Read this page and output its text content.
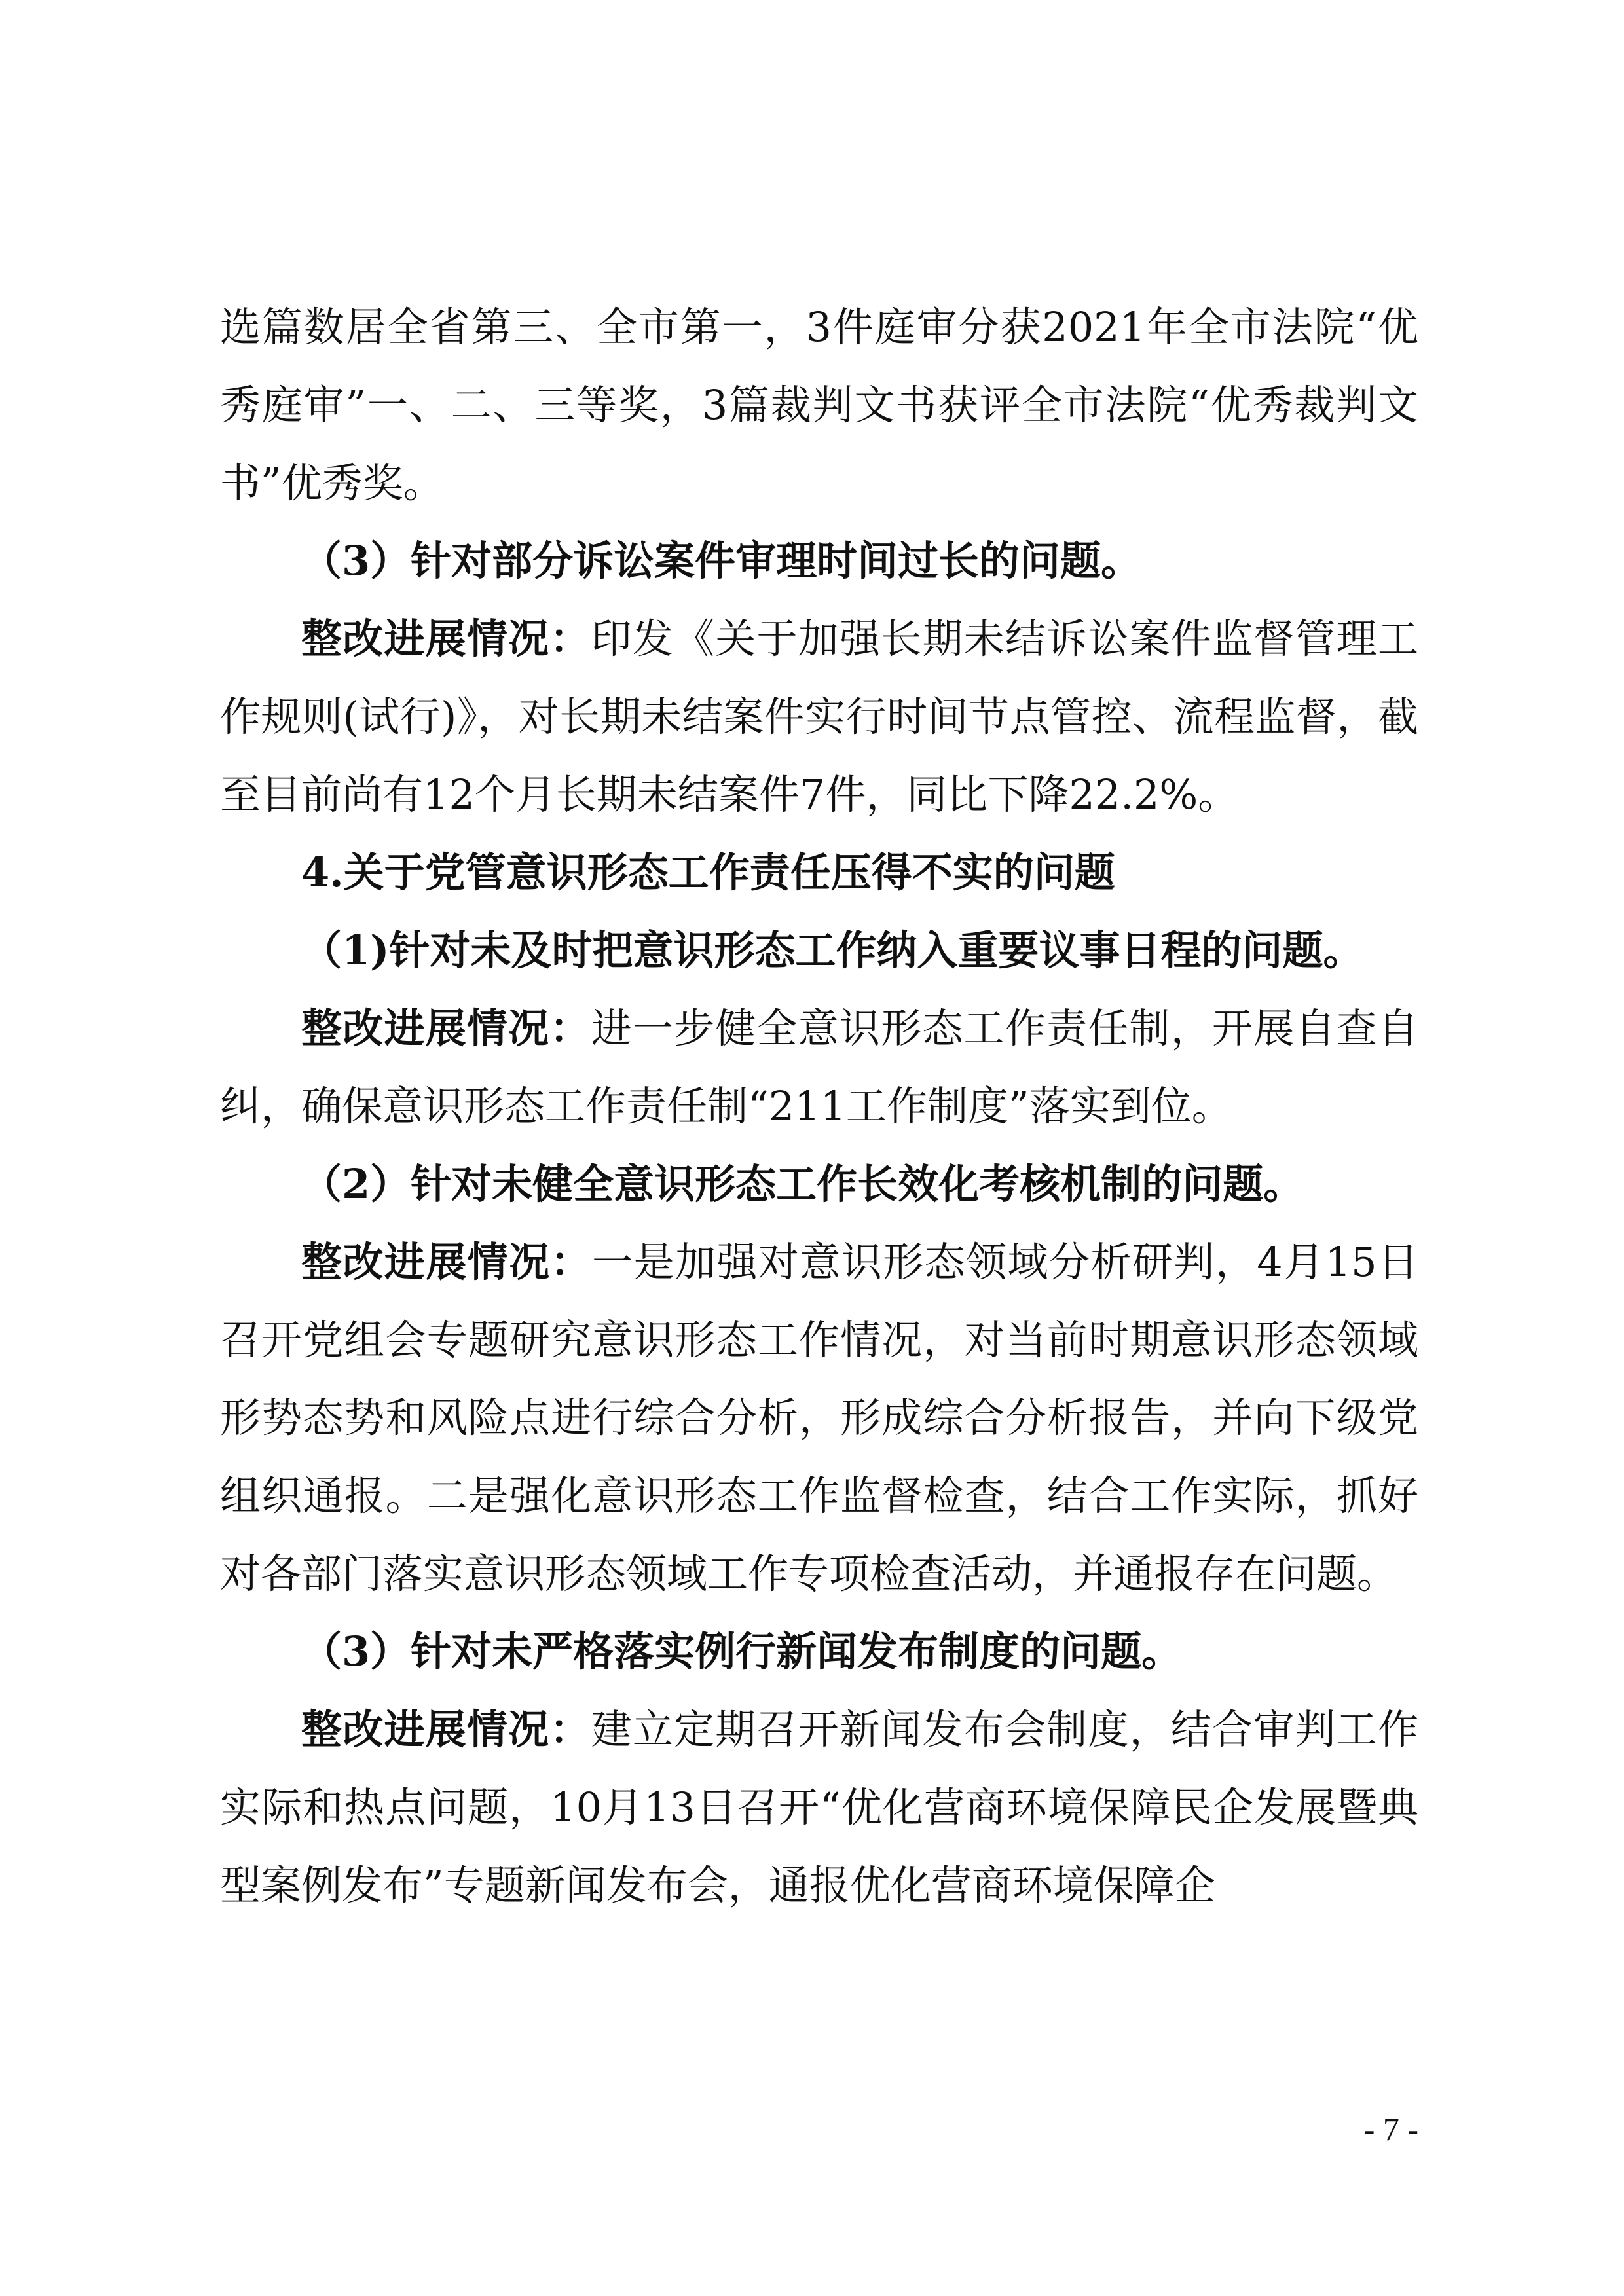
选篇数居全省第三、全市第一，3件庭审分获2021年全市法院“优秀庭审”一、二、三等奖，3篇裁判文书获评全市法院“优秀裁判文书”优秀奖。

（3）针对部分诉讼案件审理时间过长的问题。

整改进展情况：印发《关于加强长期未结诉讼案件监督管理工作规则(试行)》，对长期未结案件实行时间节点管控、流程监督，截至目前尚有12个月长期未结案件7件，同比下降22.2%。

4.关于党管意识形态工作责任压得不实的问题

（1)针对未及时把意识形态工作纳入重要议事日程的问题。

整改进展情况：进一步健全意识形态工作责任制，开展自查自纠，确保意识形态工作责任制“211工作制度”落实到位。

（2）针对未健全意识形态工作长效化考核机制的问题。

整改进展情况：一是加强对意识形态领域分析研判，4月15日召开党组会专题研究意识形态工作情况，对当前时期意识形态领域形势态势和风险点进行综合分析，形成综合分析报告，并向下级党组织通报。二是强化意识形态工作监督检查，结合工作实际，抓好对各部门落实意识形态领域工作专项检查活动，并通报存在问题。

（3）针对未严格落实例行新闻发布制度的问题。

整改进展情况：建立定期召开新闻发布会制度，结合审判工作实际和热点问题，10月13日召开“优化营商环境保障民企发展暨典型案例发布”专题新闻发布会，通报优化营商环境保障企

- 7 -
